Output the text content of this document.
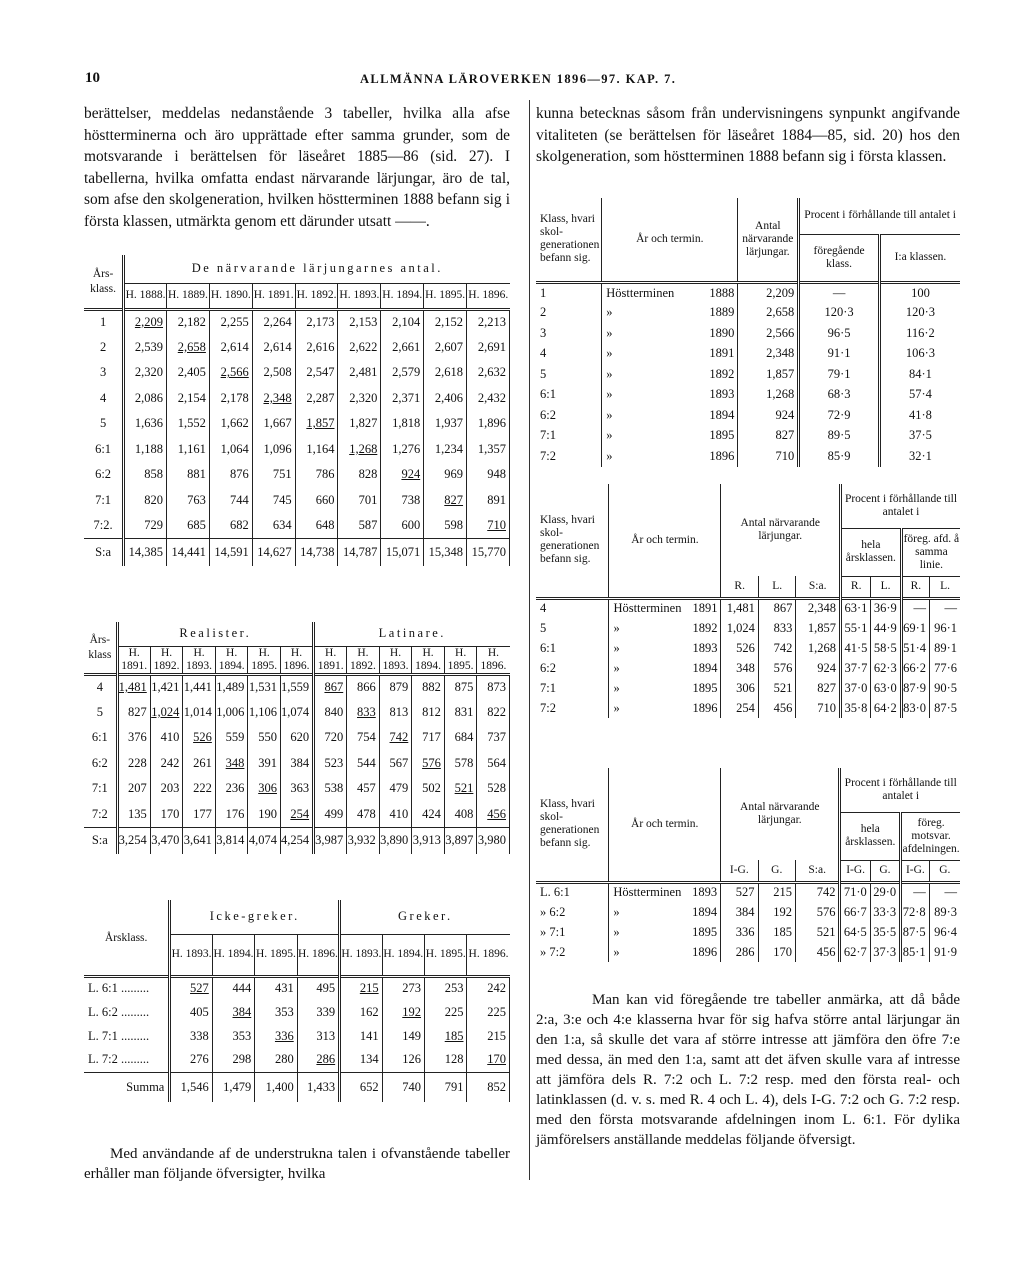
10	ALLMÄNNA LÄROVERKEN 1896—97. KAP. 7.

berättelser, meddelas nedanstående 3 tabeller, hvilka alla afse höstterminerna och äro upprättade efter samma grunder, som de motsvarande i berättelsen för läseåret 1885—86 (sid. 27). I tabellerna, hvilka omfatta endast närvarande lärjungar, äro de tal, som afse den skolgeneration, hvilken höstterminen 1888 befann sig i första klassen, utmärkta genom ett därunder utsatt ——.

Års-klass.	De närvarande lärjungarnes antal.								
	H. 1888.	H. 1889.	H. 1890.	H. 1891.	H. 1892.	H. 1893.	H. 1894.	H. 1895.	H. 1896.
1	2,209	2,182	2,255	2,264	2,173	2,153	2,104	2,152	2,213
2	2,539	2,658	2,614	2,614	2,616	2,622	2,661	2,607	2,691
3	2,320	2,405	2,566	2,508	2,547	2,481	2,579	2,618	2,632
4	2,086	2,154	2,178	2,348	2,287	2,320	2,371	2,406	2,432
5	1,636	1,552	1,662	1,667	1,857	1,827	1,818	1,937	1,896
6:1	1,188	1,161	1,064	1,096	1,164	1,268	1,276	1,234	1,357
6:2	858	881	876	751	786	828	924	969	948
7:1	820	763	744	745	660	701	738	827	891
7:2.	729	685	682	634	648	587	600	598	710
S:a	14,385	14,441	14,591	14,627	14,738	14,787	15,071	15,348	15,770
Års-klass	Realister.						Latinare.					
	H. 1891.	H. 1892.	H. 1893.	H. 1894.	H. 1895.	H. 1896.	H. 1891.	H. 1892.	H. 1893.	H. 1894.	H. 1895.	H. 1896.
4	1,481	1,421	1,441	1,489	1,531	1,559	867	866	879	882	875	873
5	827	1,024	1,014	1,006	1,106	1,074	840	833	813	812	831	822
6:1	376	410	526	559	550	620	720	754	742	717	684	737
6:2	228	242	261	348	391	384	523	544	567	576	578	564
7:1	207	203	222	236	306	363	538	457	479	502	521	528
7:2	135	170	177	176	190	254	499	478	410	424	408	456
S:a	3,254	3,470	3,641	3,814	4,074	4,254	3,987	3,932	3,890	3,913	3,897	3,980
Årsklass.	Icke-greker.				Greker.			
	H. 1893.	H. 1894.	H. 1895.	H. 1896.	H. 1893.	H. 1894.	H. 1895.	H. 1896.
L. 6:1 .........	527	444	431	495	215	273	253	242
L. 6:2 .........	405	384	353	339	162	192	225	225
L. 7:1 .........	338	353	336	313	141	149	185	215
L. 7:2 .........	276	298	280	286	134	126	128	170
Summa	1,546	1,479	1,400	1,433	652	740	791	852

Med användande af de understrukna talen i ofvanstående tabeller erhåller man följande öfversigter, hvilka

kunna betecknas såsom från undervisningens synpunkt angifvande vitaliteten (se berättelsen för läseåret 1884—85, sid. 20) hos den skolgeneration, som höstterminen 1888 befann sig i första klassen.

Klass, hvari skol-generationen befann sig.	År och termin.		Antal närvarande lärjungar.	Procent i förhållande till antalet i	
				föregående klass.	I:a klassen.
1	Höstterminen	1888	2,209	—	100
2	»	1889	2,658	120·3	120·3
3	»	1890	2,566	96·5	116·2
4	»	1891	2,348	91·1	106·3
5	»	1892	1,857	79·1	84·1
6:1	»	1893	1,268	68·3	57·4
6:2	»	1894	924	72·9	41·8
7:1	»	1895	827	89·5	37·5
7:2	»	1896	710	85·9	32·1
Klass, hvari skol-generationen befann sig.	År och termin.		Antal närvarande lärjungar.			Procent i förhållande till antalet i			
						hela årsklassen.		föreg. afd. å samma linie.	
			R.	L.	S:a.	R.	L.	R.	L.
4	Höstterminen	1891	1,481	867	2,348	63·1	36·9	—	—
5	»	1892	1,024	833	1,857	55·1	44·9	69·1	96·1
6:1	»	1893	526	742	1,268	41·5	58·5	51·4	89·1
6:2	»	1894	348	576	924	37·7	62·3	66·2	77·6
7:1	»	1895	306	521	827	37·0	63·0	87·9	90·5
7:2	»	1896	254	456	710	35·8	64·2	83·0	87·5
Klass, hvari skol-generationen befann sig.	År och termin.		Antal närvarande lärjungar.			Procent i förhållande till antalet i			
						hela årsklassen.		föreg. motsvar. afdelningen.	
			I-G.	G.	S:a.	I-G.	G.	I-G.	G.
L. 6:1	Höstterminen	1893	527	215	742	71·0	29·0	—	—
» 6:2	»	1894	384	192	576	66·7	33·3	72·8	89·3
» 7:1	»	1895	336	185	521	64·5	35·5	87·5	96·4
» 7:2	»	1896	286	170	456	62·7	37·3	85·1	91·9

Man kan vid föregående tre tabeller anmärka, att då både 2:a, 3:e och 4:e klasserna hvar för sig hafva större antal lärjungar än den 1:a, så skulle det vara af större intresse att jämföra den öfre 7:e med dessa, än med den 1:a, samt att det äfven skulle vara af intresse att jämföra dels R. 7:2 och L. 7:2 resp. med den första real- och latinklassen (d. v. s. med R. 4 och L. 4), dels I-G. 7:2 och G. 7:2 resp. med den första motsvarande afdelningen inom L. 6:1. För dylika jämförelsers anställande meddelas följande öfversigt.
